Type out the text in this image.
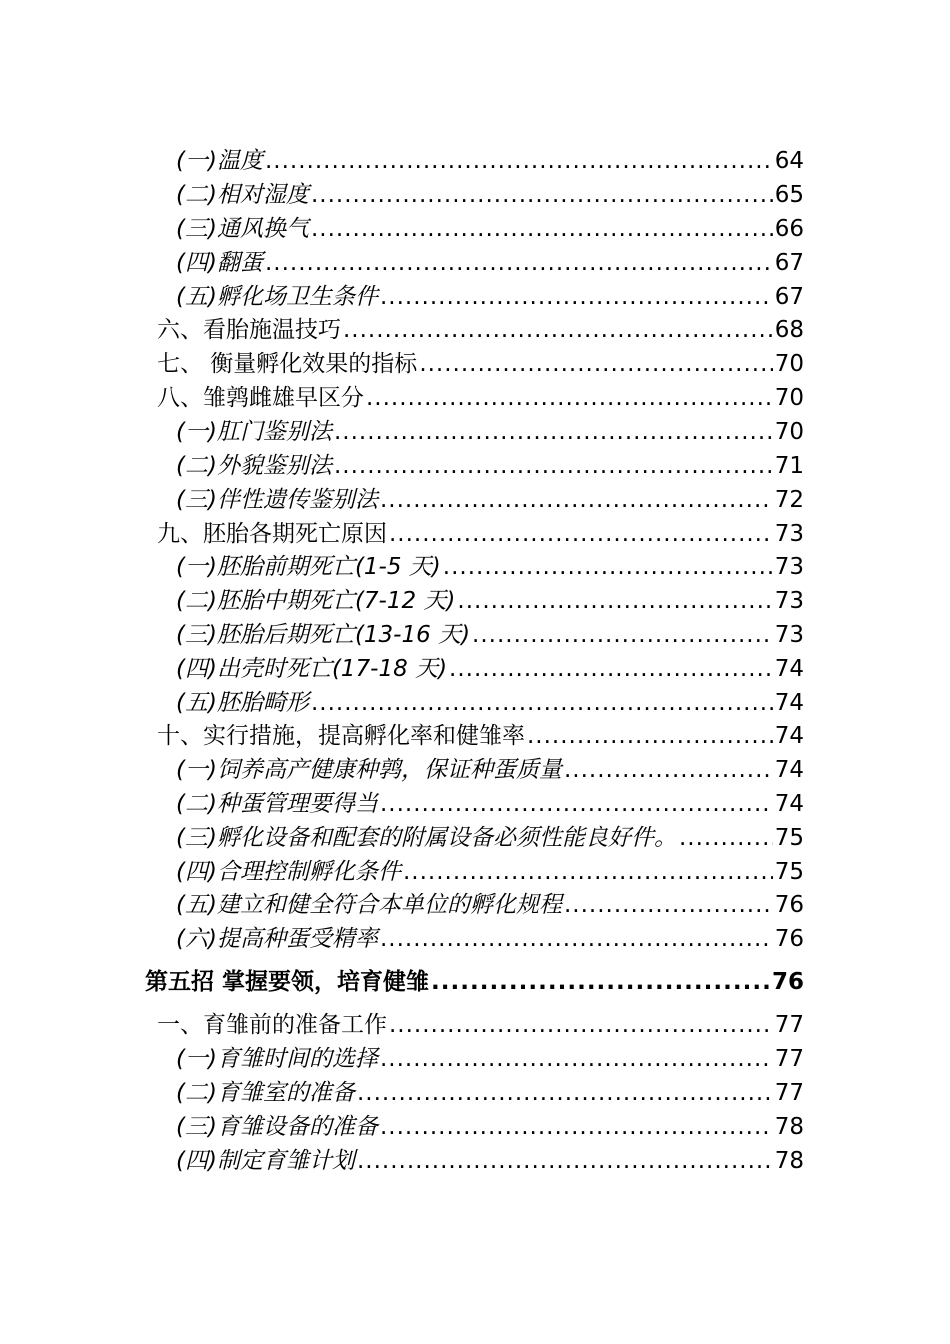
(一)温度 .....	64
(二)相对湿度 .....	65
(三)通风换气 .....	66
(四)翻蛋 .....	67
(五)孵化场卫生条件 .....	67
六、看胎施温技巧 .....	68
七、 衡量孵化效果的指标 .....	70
八、雏鹑雌雄早区分 .....	70
(一)肛门鉴别法 .....	70
(二)外貌鉴别法 .....	71
(三)伴性遗传鉴别法 .....	72
九、胚胎各期死亡原因 .....	73
(一)胚胎前期死亡(1-5 天) .....	73
(二)胚胎中期死亡(7-12 天) .....	73
(三)胚胎后期死亡(13-16 天) .....	73
(四)出壳时死亡(17-18 天) .....	74
(五)胚胎畸形 .....	74
十、实行措施，提高孵化率和健雏率 .....	74
(一)饲养高产健康种鹑，保证种蛋质量 .....	74
(二)种蛋管理要得当 .....	74
(三)孵化设备和配套的附属设备必须性能良好件。 .....	75
(四)合理控制孵化条件 .....	75
(五)建立和健全符合本单位的孵化规程 .....	76
(六)提高种蛋受精率 .....	76
第五招 掌握要领，培育健雏 .....	76
一、育雏前的准备工作 .....	77
(一)育雏时间的选择 .....	77
(二)育雏室的准备 .....	77
(三)育雏设备的准备 .....	78
(四)制定育雏计划 .....	78
